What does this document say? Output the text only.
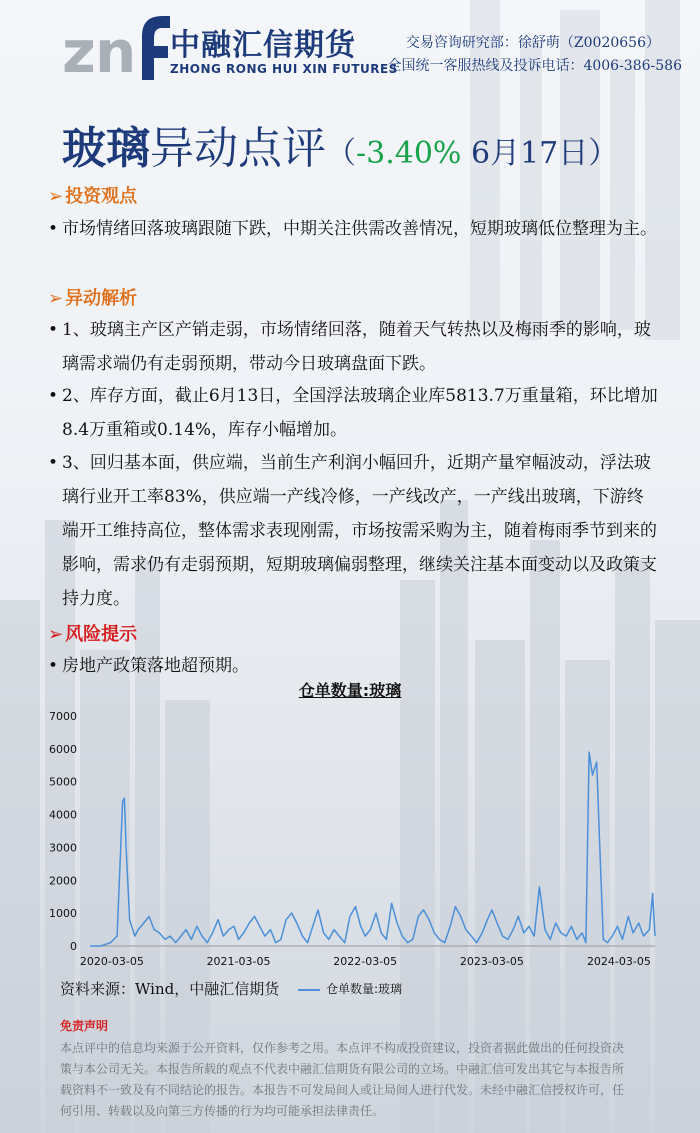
z n 中融汇信期货
ZHONG RONG HUI XIN FUTURES
交易咨询研究部：徐舒萌（Z0020656）
全国统一客服热线及投诉电话：4006-386-586
玻璃异动点评（-3.40% 6月17日）
➢ 投资观点
• 市场情绪回落玻璃跟随下跌，中期关注供需改善情况，短期玻璃低位整理为主。
➢ 异动解析
• 1、玻璃主产区产销走弱，市场情绪回落，随着天气转热以及梅雨季的影响，玻璃需求端仍有走弱预期，带动今日玻璃盘面下跌。
• 2、库存方面，截止6月13日，全国浮法玻璃企业库5813.7万重量箱，环比增加8.4万重箱或0.14%，库存小幅增加。
• 3、回归基本面，供应端，当前生产利润小幅回升，近期产量窄幅波动，浮法玻璃行业开工率83%，供应端一产线冷修，一产线改产，一产线出玻璃，下游终端开工维持高位，整体需求表现刚需，市场按需采购为主，随着梅雨季节到来的影响，需求仍有走弱预期，短期玻璃偏弱整理，继续关注基本面变动以及政策支持力度。
➢ 风险提示
• 房地产政策落地超预期。
仓单数量:玻璃
0
1000
2000
3000
4000
5000
6000
7000
2020-03-05	2021-03-05	2022-03-05	2023-03-05	2024-03-05
资料来源：Wind，中融汇信期货	仓单数量:玻璃
免责声明
本点评中的信息均来源于公开资料，仅作参考之用。本点评不构成投资建议，投资者据此做出的任何投资决策与本公司无关。本报告所载的观点不代表中融汇信期货有限公司的立场。中融汇信可发出其它与本报告所载资料不一致及有不同结论的报告。本报告不可发局间人或让局间人进行代发。未经中融汇信授权许可，任何引用、转载以及向第三方传播的行为均可能承担法律责任。
